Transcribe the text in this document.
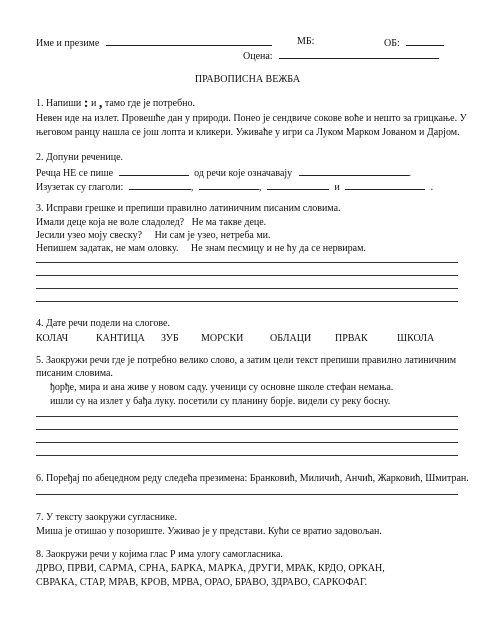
Име и презиме	МБ:	ОБ:
Оцена:
ПРАВОПИСНА ВЕЖБА
1. Напиши : и , тамо где је потребно.
Невен иде на излет. Провешће дан у природи. Понео је сендвиче сокове воће и нешто за грицкање. У
његовом ранцу нашла се још лопта и кликери. Уживаће у игри са Луком Марком Јованом и Дарјом.
2. Допуни реченице.
Речца НЕ се пише	од речи које означавају	.
Изузетак су глаголи:	,	,	и	.
3. Исправи грешке и препиши правилно латиничним писаним словима.
Имали деце која не воле сладолед?   Не ма такве деце.
Јесили узео мојy свеску?     Ни сам је узео, нетреба ми.
Непишем задатак, не мам оловку.     Не знам песмицу и не ћу да се нервирам.
4. Дате речи подели на слогове.
КОЛАЧ	КАНТИЦА ЗУБ МОРСКИ	ОБЛАЦИ ПРВАК	ШКОЛА
5. Заокружи речи где је потребно велико слово, а затим цели текст препиши правилно латиничним
писаним словима.
ђорђе, мира и ана живе у новом саду. ученици су основне школе стефан немања.
ишли су на излет у бађа луку. посетили су планину борје. видели су реку босну.
6. Поређај по абецедном реду следећа презимена: Бранковић, Миличић, Анчић, Жарковић, Шмитран.
7. У тексту заокружи сугласнике.
Миша је отишао у позориште. Уживао је у представи. Кући се вратио задовољан.
8. Заокружи речи у којима глас Р има улогу самогласника.
ДРВО, ПРВИ, САРМА, СРНА, БАРКА, МАРКА, ДРУГИ, МРАК, КРДО, ОРКАН,
СВРАКА, СТАР, МРАВ, КРОВ, МРВА, ОРАО, БРАВО, ЗДРАВО, САРКОФАГ.
